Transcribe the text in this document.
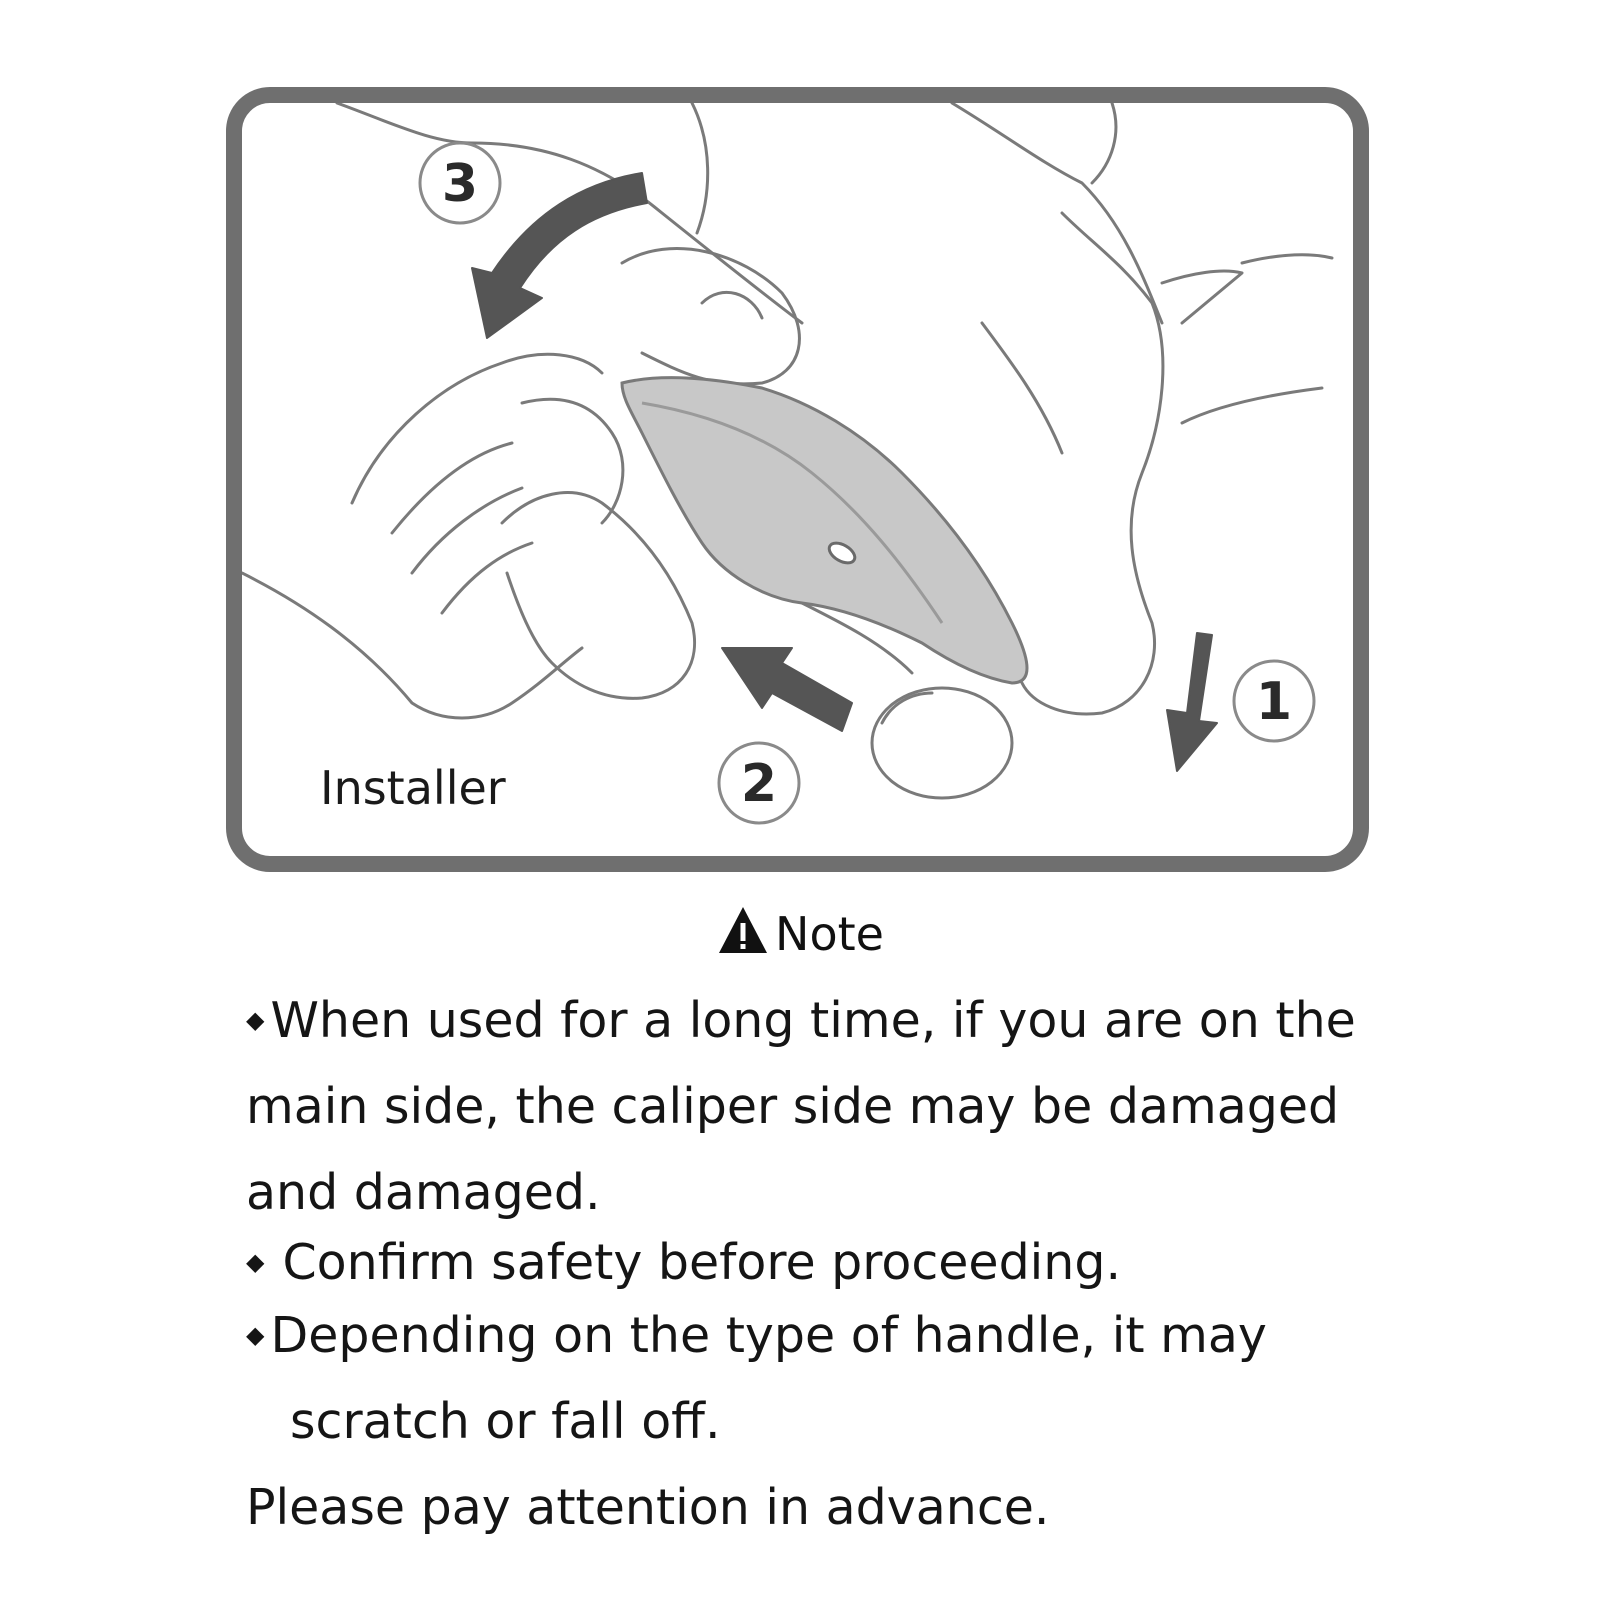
3
2
1
Installer
Note
◆ When used for a long time, if you are on the
main side, the caliper side may be damaged
and damaged.
◆ Confirm safety before proceeding.
◆ Depending on the type of handle, it may
scratch or fall off.
Please pay attention in advance.
